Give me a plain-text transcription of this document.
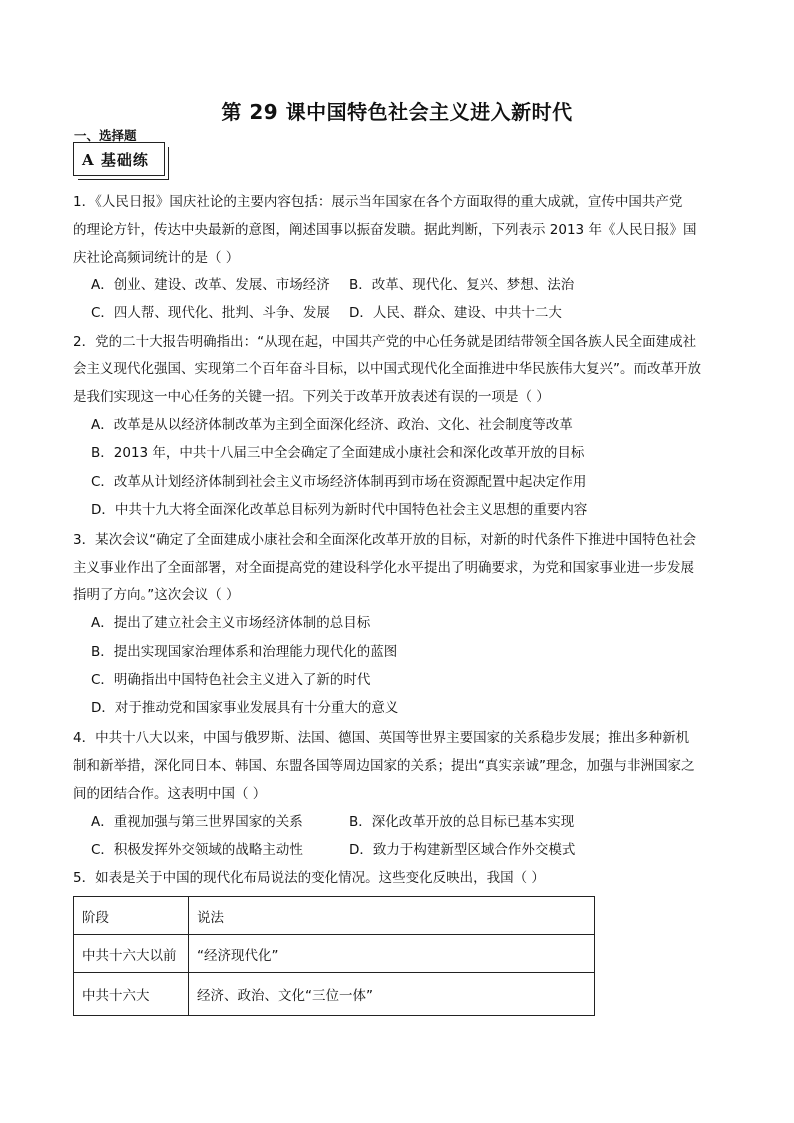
第 29 课中国特色社会主义进入新时代
一、选择题
A 基础练
1．《人民日报》国庆社论的主要内容包括：展示当年国家在各个方面取得的重大成就，宣传中国共产党
的理论方针，传达中央最新的意图，阐述国事以振奋发聩。据此判断，下列表示 2013 年《人民日报》国
庆社论高频词统计的是（ ）
A．创业、建设、改革、发展、市场经济 B．改革、现代化、复兴、梦想、法治
C．四人帮、现代化、批判、斗争、发展 D．人民、群众、建设、中共十二大
2．党的二十大报告明确指出：“从现在起，中国共产党的中心任务就是团结带领全国各族人民全面建成社
会主义现代化强国、实现第二个百年奋斗目标，以中国式现代化全面推进中华民族伟大复兴”。而改革开放
是我们实现这一中心任务的关键一招。下列关于改革开放表述有误的一项是（ ）
A．改革是从以经济体制改革为主到全面深化经济、政治、文化、社会制度等改革
B．2013 年，中共十八届三中全会确定了全面建成小康社会和深化改革开放的目标
C．改革从计划经济体制到社会主义市场经济体制再到市场在资源配置中起决定作用
D．中共十九大将全面深化改革总目标列为新时代中国特色社会主义思想的重要内容
3．某次会议“确定了全面建成小康社会和全面深化改革开放的目标，对新的时代条件下推进中国特色社会
主义事业作出了全面部署，对全面提高党的建设科学化水平提出了明确要求，为党和国家事业进一步发展
指明了方向。”这次会议（ ）
A．提出了建立社会主义市场经济体制的总目标
B．提出实现国家治理体系和治理能力现代化的蓝图
C．明确指出中国特色社会主义进入了新的时代
D．对于推动党和国家事业发展具有十分重大的意义
4．中共十八大以来，中国与俄罗斯、法国、德国、英国等世界主要国家的关系稳步发展；推出多种新机
制和新举措，深化同日本、韩国、东盟各国等周边国家的关系；提出“真实亲诚”理念，加强与非洲国家之
间的团结合作。这表明中国（ ）
A．重视加强与第三世界国家的关系	B．深化改革开放的总目标已基本实现
C．积极发挥外交领域的战略主动性	D．致力于构建新型区域合作外交模式
5．如表是关于中国的现代化布局说法的变化情况。这些变化反映出，我国（ ）
阶段	说法
中共十六大以前	“经济现代化”
中共十六大	经济、政治、文化“三位一体”
